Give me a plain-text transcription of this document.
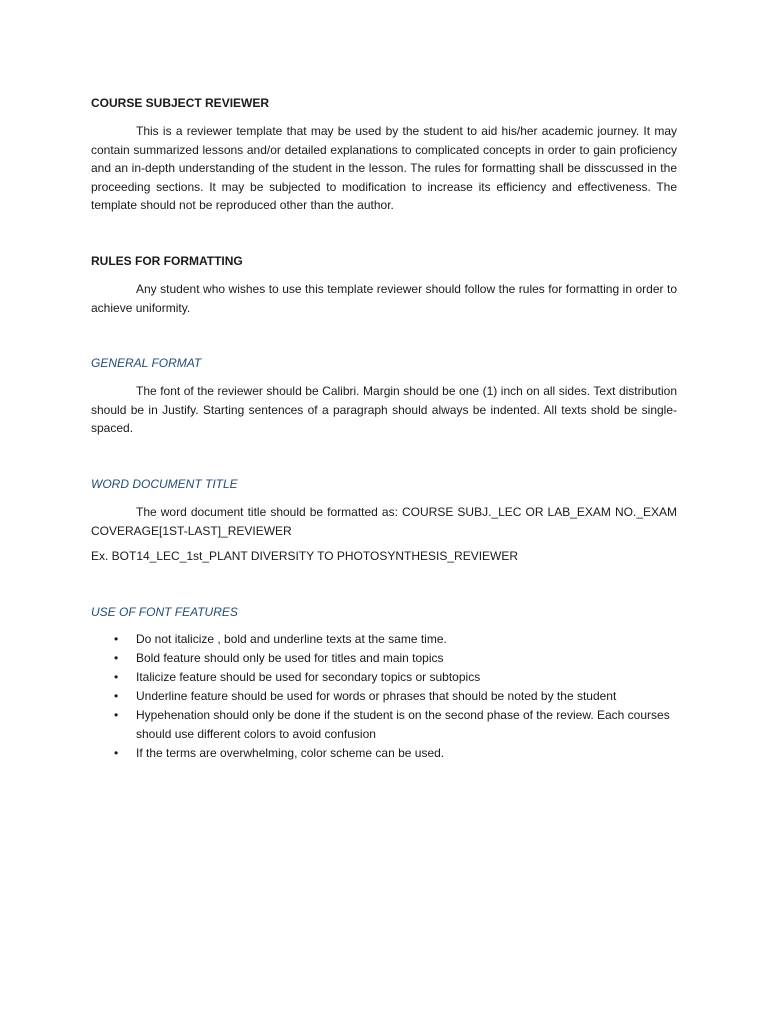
COURSE SUBJECT REVIEWER

This is a reviewer template that may be used by the student to aid his/her academic journey. It may contain summarized lessons and/or detailed explanations to complicated concepts in order to gain proficiency and an in-depth understanding of the student in the lesson. The rules for formatting shall be disscussed in the proceeding sections. It may be subjected to modification to increase its efficiency and effectiveness. The template should not be reproduced other than the author.

RULES FOR FORMATTING

Any student who wishes to use this template reviewer should follow the rules for formatting in order to achieve uniformity.

GENERAL FORMAT

The font of the reviewer should be Calibri. Margin should be one (1) inch on all sides. Text distribution should be in Justify. Starting sentences of a paragraph should always be indented. All texts shold be single-spaced.

WORD DOCUMENT TITLE

The word document title should be formatted as: COURSE SUBJ._LEC OR LAB_EXAM NO._EXAM COVERAGE[1ST-LAST]_REVIEWER

Ex. BOT14_LEC_1st_PLANT DIVERSITY TO PHOTOSYNTHESIS_REVIEWER

USE OF FONT FEATURES

• Do not italicize , bold and underline texts at the same time.
• Bold feature should only be used for titles and main topics
• Italicize feature should be used for secondary topics or subtopics
• Underline feature should be used for words or phrases that should be noted by the student
• Hypehenation should only be done if the student is on the second phase of the review. Each courses should use different colors to avoid confusion
• If the terms are overwhelming, color scheme can be used.
